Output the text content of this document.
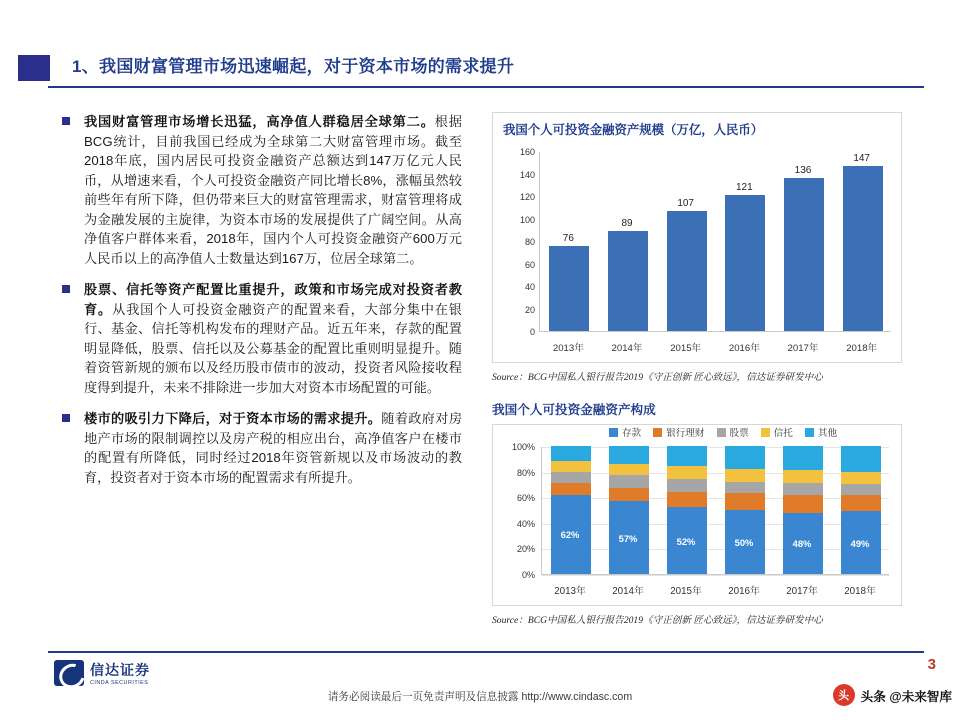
1、我国财富管理市场迅速崛起，对于资本市场的需求提升
我国财富管理市场增长迅猛，高净值人群稳居全球第二。根据BCG统计，目前我国已经成为全球第二大财富管理市场。截至2018年底，国内居民可投资金融资产总额达到147万亿元人民币，从增速来看，个人可投资金融资产同比增长8%，涨幅虽然较前些年有所下降，但仍带来巨大的财富管理需求，财富管理将成为金融发展的主旋律，为资本市场的发展提供了广阔空间。从高净值客户群体来看，2018年，国内个人可投资金融资产600万元人民币以上的高净值人士数量达到167万，位居全球第二。
股票、信托等资产配置比重提升，政策和市场完成对投资者教育。从我国个人可投资金融资产的配置来看，大部分集中在银行、基金、信托等机构发布的理财产品。近五年来，存款的配置明显降低，股票、信托以及公募基金的配置比重则明显提升。随着资管新规的颁布以及经历股市债市的波动，投资者风险接收程度得到提升，未来不排除进一步加大对资本市场配置的可能。
楼市的吸引力下降后，对于资本市场的需求提升。随着政府对房地产市场的限制调控以及房产税的相应出台，高净值客户在楼市的配置有所降低，同时经过2018年资管新规以及市场波动的教育，投资者对于资本市场的配置需求有所提升。
我国个人可投资金融资产规模（万亿，人民币）
0
20
40
60
80
100
120
140
160
76
2013年
89
2014年
107
2015年
121
2016年
136
2017年
147
2018年
Source：BCG中国私人银行报告2019《守正创新 匠心致远》，信达证券研发中心
我国个人可投资金融资产构成
存款	银行理财	股票	信托	其他
0%
20%
40%
60%
80%
100%
62%
2013年
57%
2014年
52%
2015年
50%
2016年
48%
2017年
49%
2018年
Source：BCG中国私人银行报告2019《守正创新 匠心致远》，信达证券研发中心
信达证券
CINDA SECURITIES
3
请务必阅读最后一页免责声明及信息披露 http://www.cindasc.com	头 头条 @未来智库
